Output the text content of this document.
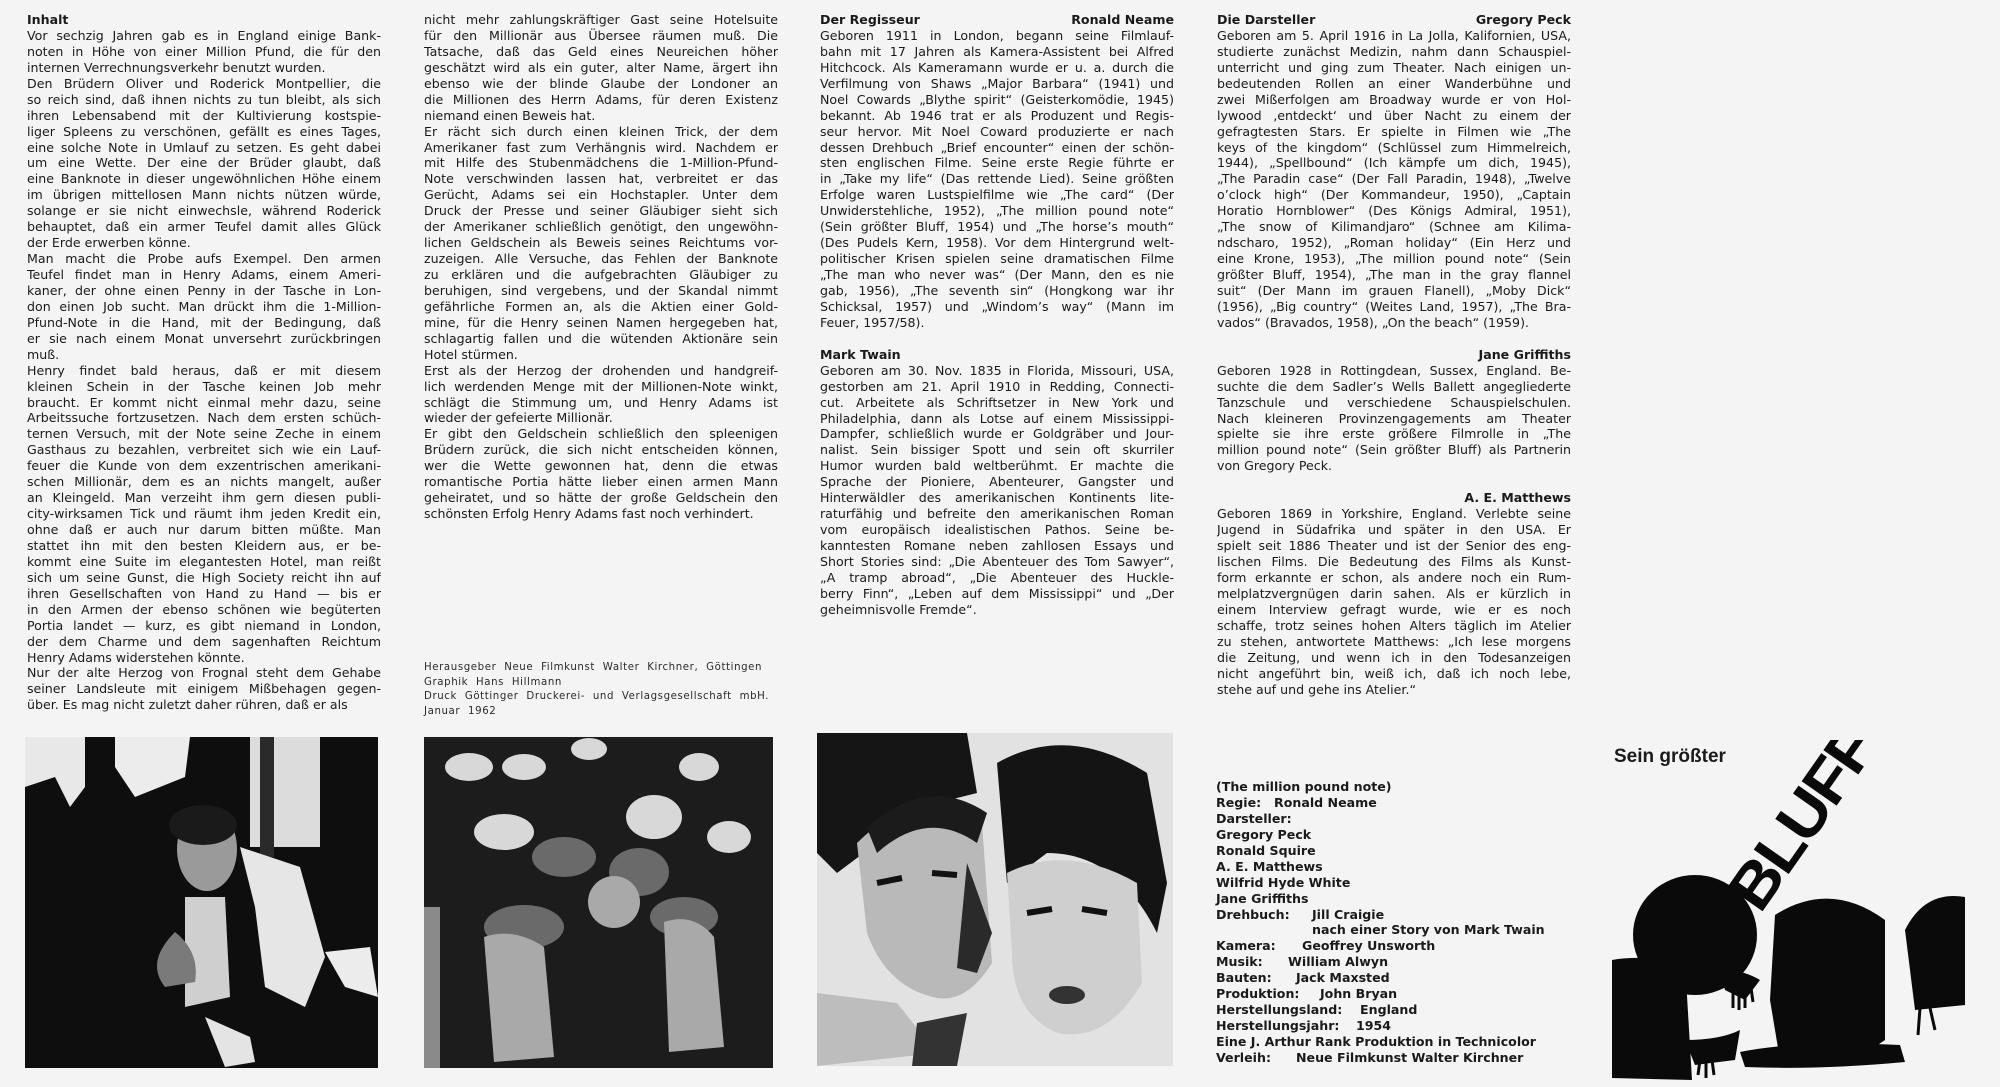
Inhalt
Vor sechzig Jahren gab es in England einige Bank-
noten in Höhe von einer Million Pfund, die für den
internen Verrechnungsverkehr benutzt wurden.
Den Brüdern Oliver und Roderick Montpellier, die
so reich sind, daß ihnen nichts zu tun bleibt, als sich
ihren Lebensabend mit der Kultivierung kostspie-
liger Spleens zu verschönen, gefällt es eines Tages,
eine solche Note in Umlauf zu setzen. Es geht dabei
um eine Wette. Der eine der Brüder glaubt, daß
eine Banknote in dieser ungewöhnlichen Höhe einem
im übrigen mittellosen Mann nichts nützen würde,
solange er sie nicht einwechsle, während Roderick
behauptet, daß ein armer Teufel damit alles Glück
der Erde erwerben könne.
Man macht die Probe aufs Exempel. Den armen
Teufel findet man in Henry Adams, einem Ameri-
kaner, der ohne einen Penny in der Tasche in Lon-
don einen Job sucht. Man drückt ihm die 1-Million-
Pfund-Note in die Hand, mit der Bedingung, daß
er sie nach einem Monat unversehrt zurückbringen
muß.
Henry findet bald heraus, daß er mit diesem
kleinen Schein in der Tasche keinen Job mehr
braucht. Er kommt nicht einmal mehr dazu, seine
Arbeitssuche fortzusetzen. Nach dem ersten schüch-
ternen Versuch, mit der Note seine Zeche in einem
Gasthaus zu bezahlen, verbreitet sich wie ein Lauf-
feuer die Kunde von dem exzentrischen amerikani-
schen Millionär, dem es an nichts mangelt, außer
an Kleingeld. Man verzeiht ihm gern diesen publi-
city-wirksamen Tick und räumt ihm jeden Kredit ein,
ohne daß er auch nur darum bitten müßte. Man
stattet ihn mit den besten Kleidern aus, er be-
kommt eine Suite im elegantesten Hotel, man reißt
sich um seine Gunst, die High Society reicht ihn auf
ihren Gesellschaften von Hand zu Hand — bis er
in den Armen der ebenso schönen wie begüterten
Portia landet — kurz, es gibt niemand in London,
der dem Charme und dem sagenhaften Reichtum
Henry Adams widerstehen könnte.
Nur der alte Herzog von Frognal steht dem Gehabe
seiner Landsleute mit einigem Mißbehagen gegen-
über. Es mag nicht zuletzt daher rühren, daß er als
nicht mehr zahlungskräftiger Gast seine Hotelsuite
für den Millionär aus Übersee räumen muß. Die
Tatsache, daß das Geld eines Neureichen höher
geschätzt wird als ein guter, alter Name, ärgert ihn
ebenso wie der blinde Glaube der Londoner an
die Millionen des Herrn Adams, für deren Existenz
niemand einen Beweis hat.
Er rächt sich durch einen kleinen Trick, der dem
Amerikaner fast zum Verhängnis wird. Nachdem er
mit Hilfe des Stubenmädchens die 1-Million-Pfund-
Note verschwinden lassen hat, verbreitet er das
Gerücht, Adams sei ein Hochstapler. Unter dem
Druck der Presse und seiner Gläubiger sieht sich
der Amerikaner schließlich genötigt, den ungewöhn-
lichen Geldschein als Beweis seines Reichtums vor-
zuzeigen. Alle Versuche, das Fehlen der Banknote
zu erklären und die aufgebrachten Gläubiger zu
beruhigen, sind vergebens, und der Skandal nimmt
gefährliche Formen an, als die Aktien einer Gold-
mine, für die Henry seinen Namen hergegeben hat,
schlagartig fallen und die wütenden Aktionäre sein
Hotel stürmen.
Erst als der Herzog der drohenden und handgreif-
lich werdenden Menge mit der Millionen-Note winkt,
schlägt die Stimmung um, und Henry Adams ist
wieder der gefeierte Millionär.
Er gibt den Geldschein schließlich den spleenigen
Brüdern zurück, die sich nicht entscheiden können,
wer die Wette gewonnen hat, denn die etwas
romantische Portia hätte lieber einen armen Mann
geheiratet, und so hätte der große Geldschein den
schönsten Erfolg Henry Adams fast noch verhindert.
Herausgeber Neue Filmkunst Walter Kirchner, Göttingen
Graphik Hans Hillmann
Druck Göttinger Druckerei- und Verlagsgesellschaft mbH.
Januar 1962
Der Regisseur	Ronald Neame
Geboren 1911 in London, begann seine Filmlauf-
bahn mit 17 Jahren als Kamera-Assistent bei Alfred
Hitchcock. Als Kameramann wurde er u. a. durch die
Verfilmung von Shaws „Major Barbara“ (1941) und
Noel Cowards „Blythe spirit“ (Geisterkomödie, 1945)
bekannt. Ab 1946 trat er als Produzent und Regis-
seur hervor. Mit Noel Coward produzierte er nach
dessen Drehbuch „Brief encounter“ einen der schön-
sten englischen Filme. Seine erste Regie führte er
in „Take my life“ (Das rettende Lied). Seine größten
Erfolge waren Lustspielfilme wie „The card“ (Der
Unwiderstehliche, 1952), „The million pound note“
(Sein größter Bluff, 1954) und „The horse’s mouth“
(Des Pudels Kern, 1958). Vor dem Hintergrund welt-
politischer Krisen spielen seine dramatischen Filme
„The man who never was“ (Der Mann, den es nie
gab, 1956), „The seventh sin“ (Hongkong war ihr
Schicksal, 1957) und „Windom’s way“ (Mann im
Feuer, 1957/58).
Mark Twain
Geboren am 30. Nov. 1835 in Florida, Missouri, USA,
gestorben am 21. April 1910 in Redding, Connecti-
cut. Arbeitete als Schriftsetzer in New York und
Philadelphia, dann als Lotse auf einem Mississippi-
Dampfer, schließlich wurde er Goldgräber und Jour-
nalist. Sein bissiger Spott und sein oft skurriler
Humor wurden bald weltberühmt. Er machte die
Sprache der Pioniere, Abenteurer, Gangster und
Hinterwäldler des amerikanischen Kontinents lite-
raturfähig und befreite den amerikanischen Roman
vom europäisch idealistischen Pathos. Seine be-
kanntesten Romane neben zahllosen Essays und
Short Stories sind: „Die Abenteuer des Tom Sawyer“,
„A tramp abroad“, „Die Abenteuer des Huckle-
berry Finn“, „Leben auf dem Mississippi“ und „Der
geheimnisvolle Fremde“.
Die Darsteller	Gregory Peck
Geboren am 5. April 1916 in La Jolla, Kalifornien, USA,
studierte zunächst Medizin, nahm dann Schauspiel-
unterricht und ging zum Theater. Nach einigen un-
bedeutenden Rollen an einer Wanderbühne und
zwei Mißerfolgen am Broadway wurde er von Hol-
lywood ‚entdeckt‘ und über Nacht zu einem der
gefragtesten Stars. Er spielte in Filmen wie „The
keys of the kingdom“ (Schlüssel zum Himmelreich,
1944), „Spellbound“ (Ich kämpfe um dich, 1945),
„The Paradin case“ (Der Fall Paradin, 1948), „Twelve
o’clock high“ (Der Kommandeur, 1950), „Captain
Horatio Hornblower“ (Des Königs Admiral, 1951),
„The snow of Kilimandjaro“ (Schnee am Kilima-
ndscharo, 1952), „Roman holiday“ (Ein Herz und
eine Krone, 1953), „The million pound note“ (Sein
größter Bluff, 1954), „The man in the gray flannel
suit“ (Der Mann im grauen Flanell), „Moby Dick“
(1956), „Big country“ (Weites Land, 1957), „The Bra-
vados“ (Bravados, 1958), „On the beach“ (1959).
Jane Griffiths
Geboren 1928 in Rottingdean, Sussex, England. Be-
suchte die dem Sadler’s Wells Ballett angegliederte
Tanzschule und verschiedene Schauspielschulen.
Nach kleineren Provinzengagements am Theater
spielte sie ihre erste größere Filmrolle in „The
million pound note“ (Sein größter Bluff) als Partnerin
von Gregory Peck.
A. E. Matthews
Geboren 1869 in Yorkshire, England. Verlebte seine
Jugend in Südafrika und später in den USA. Er
spielt seit 1886 Theater und ist der Senior des eng-
lischen Films. Die Bedeutung des Films als Kunst-
form erkannte er schon, als andere noch ein Rum-
melplatzvergnügen darin sahen. Als er kürzlich in
einem Interview gefragt wurde, wie er es noch
schaffe, trotz seines hohen Alters täglich im Atelier
zu stehen, antwortete Matthews: „Ich lese morgens
die Zeitung, und wenn ich in den Todesanzeigen
nicht angeführt bin, weiß ich, daß ich noch lebe,
stehe auf und gehe ins Atelier.“
(The million pound note)
Regie: Ronald Neame
Darsteller:
Gregory Peck
Ronald Squire
A. E. Matthews
Wilfrid Hyde White
Jane Griffiths
Drehbuch: Jill Craigie
nach einer Story von Mark Twain
Kamera: Geoffrey Unsworth
Musik: William Alwyn
Bauten: Jack Maxsted
Produktion: John Bryan
Herstellungsland: England
Herstellungsjahr: 1954
Eine J. Arthur Rank Produktion in Technicolor
Verleih: Neue Filmkunst Walter Kirchner
Sein größter
BLUFF
